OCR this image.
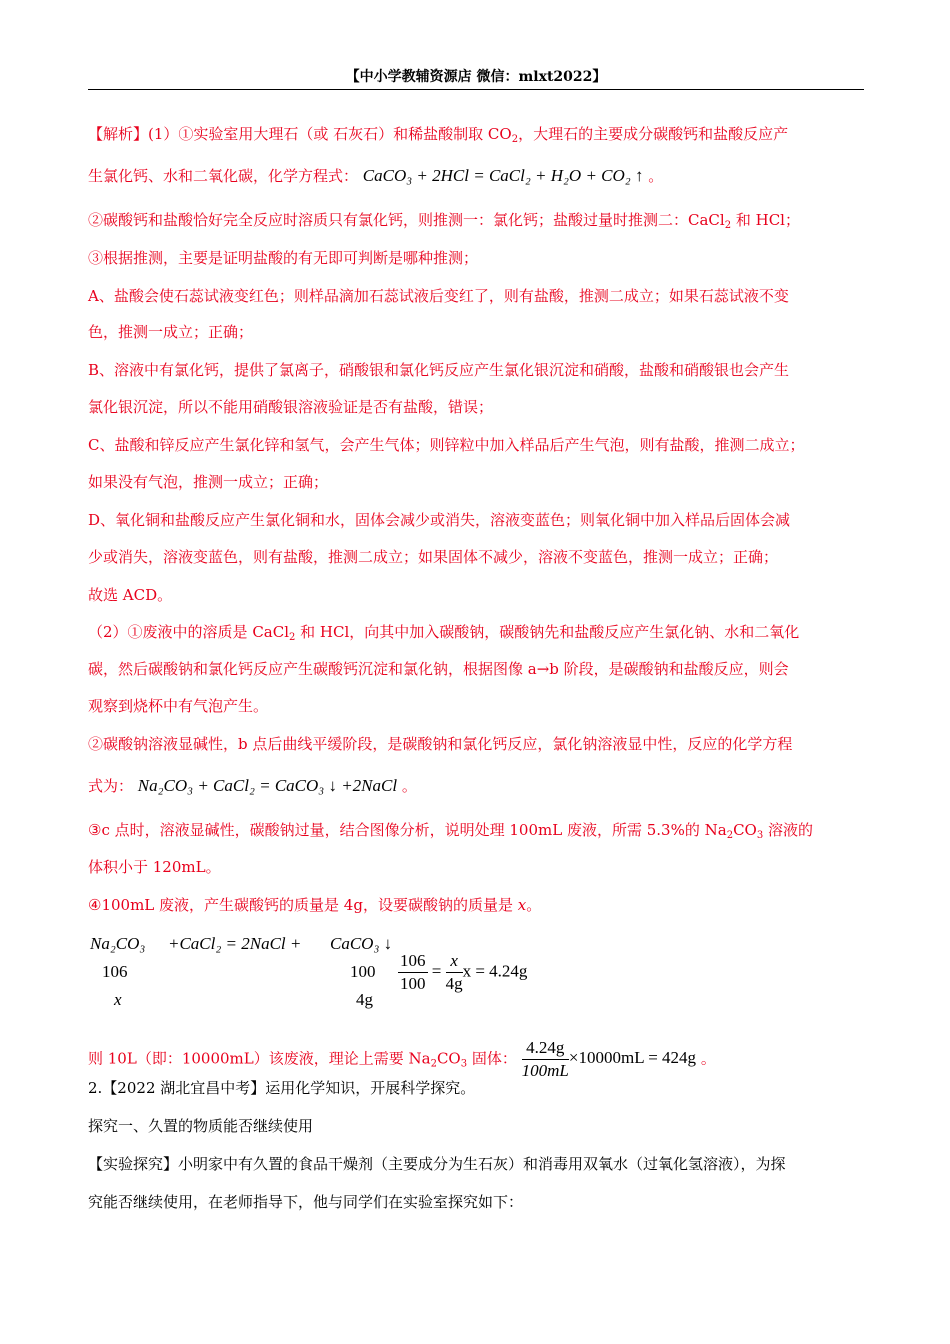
【中小学教辅资源店 微信：mlxt2022】
【解析】(1）①实验室用大理石（或 石灰石）和稀盐酸制取 $CO_2$，大理石的主要成分碳酸钙和盐酸反应产
生氯化钙、水和二氧化碳，化学方程式： CaCO₃ + 2HCl = CaCl₂ + H₂O + CO₂ ↑ 。
②碳酸钙和盐酸恰好完全反应时溶质只有氯化钙，则推测一：氯化钙；盐酸过量时推测二：CaCl$_2$ 和 HCl；
③根据推测，主要是证明盐酸的有无即可判断是哪种推测；
A、盐酸会使石蕊试液变红色；则样品滴加石蕊试液后变红了，则有盐酸，推测二成立；如果石蕊试液不变
色，推测一成立；正确；
B、溶液中有氯化钙，提供了氯离子，硝酸银和氯化钙反应产生氯化银沉淀和硝酸，盐酸和硝酸银也会产生
氯化银沉淀，所以不能用硝酸银溶液验证是否有盐酸，错误；
C、盐酸和锌反应产生氯化锌和氢气，会产生气体；则锌粒中加入样品后产生气泡，则有盐酸，推测二成立；
如果没有气泡，推测一成立；正确；
D、氧化铜和盐酸反应产生氯化铜和水，固体会减少或消失，溶液变蓝色；则氧化铜中加入样品后固体会减
少或消失，溶液变蓝色，则有盐酸，推测二成立；如果固体不减少，溶液不变蓝色，推测一成立；正确；
故选 ACD。
（2）①废液中的溶质是 CaCl$_2$ 和 HCl，向其中加入碳酸钠，碳酸钠先和盐酸反应产生氯化钠、水和二氧化
碳，然后碳酸钠和氯化钙反应产生碳酸钙沉淀和氯化钠，根据图像 a→b 阶段，是碳酸钠和盐酸反应，则会
观察到烧杯中有气泡产生。
②碳酸钠溶液显碱性，b 点后曲线平缓阶段，是碳酸钠和氯化钙反应，氯化钠溶液显中性，反应的化学方程
式为： Na₂CO₃ + CaCl₂ = CaCO₃ ↓ +2NaCl 。
③c 点时，溶液显碱性，碳酸钠过量，结合图像分析，说明处理 100mL 废液，所需 5.3%的 $Na_2CO_3$ 溶液的
体积小于 120mL。
④100mL 废液，产生碳酸钙的质量是 4g，设要碳酸钠的质量是 x。
Na₂CO₃ +CaCl₂ = 2NaCl + CaCO₃ ↓
106	100
x	4g
$\frac{106}{100} = \frac{x}{4g}$ x = 4.24g
则 10L（即：10000mL）该废液，理论上需要 $Na_2CO_3$ 固体： $\frac{4.24g}{100mL} \times 10000mL = 424g$ 。
2.【2022 湖北宜昌中考】运用化学知识，开展科学探究。
探究一、久置的物质能否继续使用
【实验探究】小明家中有久置的食品干燥剂（主要成分为生石灰）和消毒用双氧水（过氧化氢溶液），为探
究能否继续使用，在老师指导下，他与同学们在实验室探究如下：
